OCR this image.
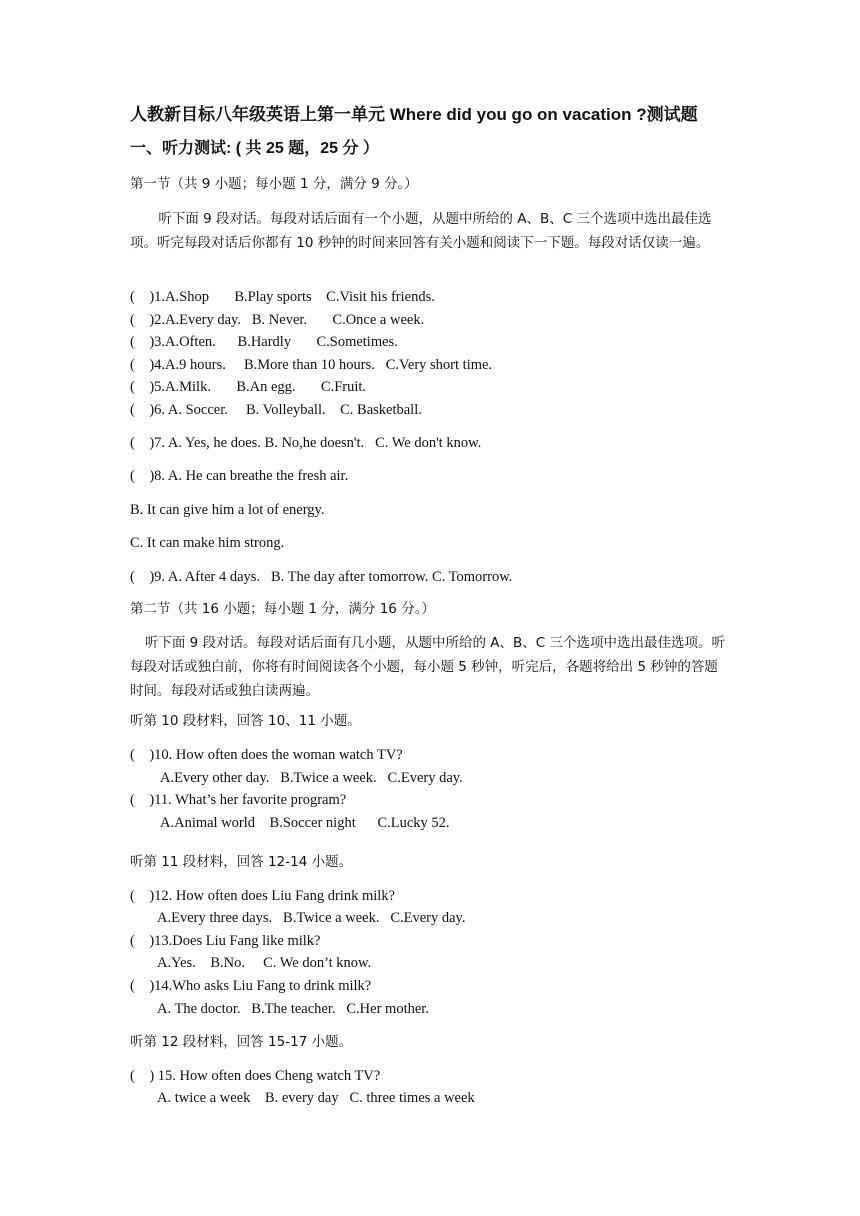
人教新目标八年级英语上第一单元 Where did you go on vacation ?测试题
一、听力测试: ( 共 25 题，25 分 ）
第一节（共 9 小题；每小题 1 分，满分 9 分。）
听下面 9 段对话。每段对话后面有一个小题，从题中所给的 A、B、C 三个选项中选出最佳选项。听完每段对话后你都有 10 秒钟的时间来回答有关小题和阅读下一下题。每段对话仅读一遍。
(    )1.A.Shop       B.Play sports    C.Visit his friends.
(    )2.A.Every day.   B. Never.       C.Once a week.
(    )3.A.Often.      B.Hardly       C.Sometimes.
(    )4.A.9 hours.     B.More than 10 hours.   C.Very short time.
(    )5.A.Milk.       B.An egg.       C.Fruit.
(    )6. A. Soccer.     B. Volleyball.    C. Basketball.
(    )7. A. Yes, he does. B. No,he doesn't.   C. We don't know.
(    )8. A. He can breathe the fresh air.
B. It can give him a lot of energy.
C. It can make him strong.
(    )9. A. After 4 days.   B. The day after tomorrow. C. Tomorrow.
第二节（共 16 小题；每小题 1 分，满分 16 分。）
听下面 9 段对话。每段对话后面有几小题，从题中所给的 A、B、C 三个选项中选出最佳选项。听每段对话或独白前，你将有时间阅读各个小题，每小题 5 秒钟，听完后，各题将给出 5 秒钟的答题时间。每段对话或独白读两遍。
听第 10 段材料，回答 10、11 小题。
(    )10. How often does the woman watch TV?
A.Every other day.   B.Twice a week.   C.Every day.
(    )11. What’s her favorite program?
A.Animal world    B.Soccer night      C.Lucky 52.
听第 11 段材料，回答 12-14 小题。
(    )12. How often does Liu Fang drink milk?
A.Every three days.   B.Twice a week.   C.Every day.
(    )13.Does Liu Fang like milk?
A.Yes.    B.No.     C. We don’t know.
(    )14.Who asks Liu Fang to drink milk?
A. The doctor.   B.The teacher.   C.Her mother.
听第 12 段材料，回答 15-17 小题。
(    ) 15. How often does Cheng watch TV?
A. twice a week    B. every day   C. three times a week
